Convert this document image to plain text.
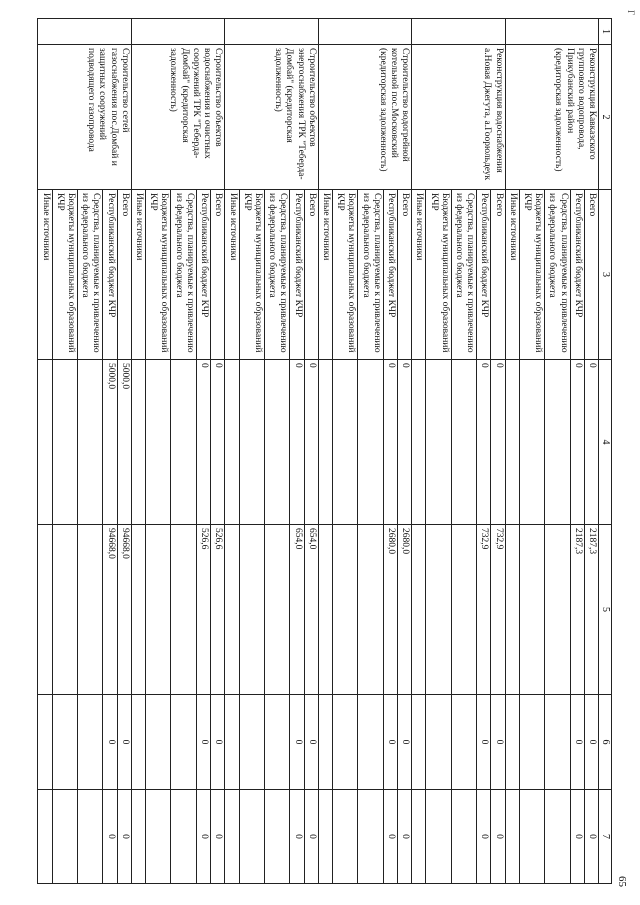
Г
65
1	2	3	4	5	6	7
	Реконструкция Кавказского группового водопровода, Прикубанский район (кредиторская задолженность)	Всего	0	2187,3	0	0
		Республиканский бюджет КЧР	0	2187,3	0	0
		Средства, планируемые к привлечению из федерального бюджета				
		Бюджеты муниципальных образований КЧР				
		Иные источники				
	Реконструкция водоснабжения а.Новая Джегута, а.Гоорюльдеук	Всего	0	732,9	0	0
		Республиканский бюджет КЧР	0	732,9	0	0
		Средства, планируемые к привлечению из федерального бюджета				
		Бюджеты муниципальных образований КЧР				
		Иные источники				
	Строительство водогрейной котельной пос.Московский (кредиторская задолженность)	Всего	0	2680,0	0	0
		Республиканский бюджет КЧР	0	2680,0	0	0
		Средства, планируемые к привлечению из федерального бюджета				
		Бюджеты муниципальных образований КЧР				
		Иные источники				
	Строительство объектов энергоснабжения ТРК "Теберда-Домбай" (кредиторская задолженность)	Всего	0	654,0	0	0
		Республиканский бюджет КЧР	0	654,0	0	0
		Средства, планируемые к привлечению из федерального бюджета				
		Бюджеты муниципальных образований КЧР				
		Иные источники				
	Строительство объектов водоснабжения и очистных сооружений ТРК "Теберда-Домбай" (кредиторская задолженность)	Всего	0	526,6	0	0
		Республиканский бюджет КЧР	0	526,6	0	0
		Средства, планируемые к привлечению из федерального бюджета				
		Бюджеты муниципальных образований КЧР				
		Иные источники				
	Строительство сетей газоснабжения пос.Домбай и защитных сооружений подводящего газопровода	Всего	5000,0	94668,0	0	0
		Республиканский бюджет КЧР	5000,0	94668,0	0	0
		Средства, планируемые к привлечению из федерального бюджета				
		Бюджеты муниципальных образований КЧР				
		Иные источники				
